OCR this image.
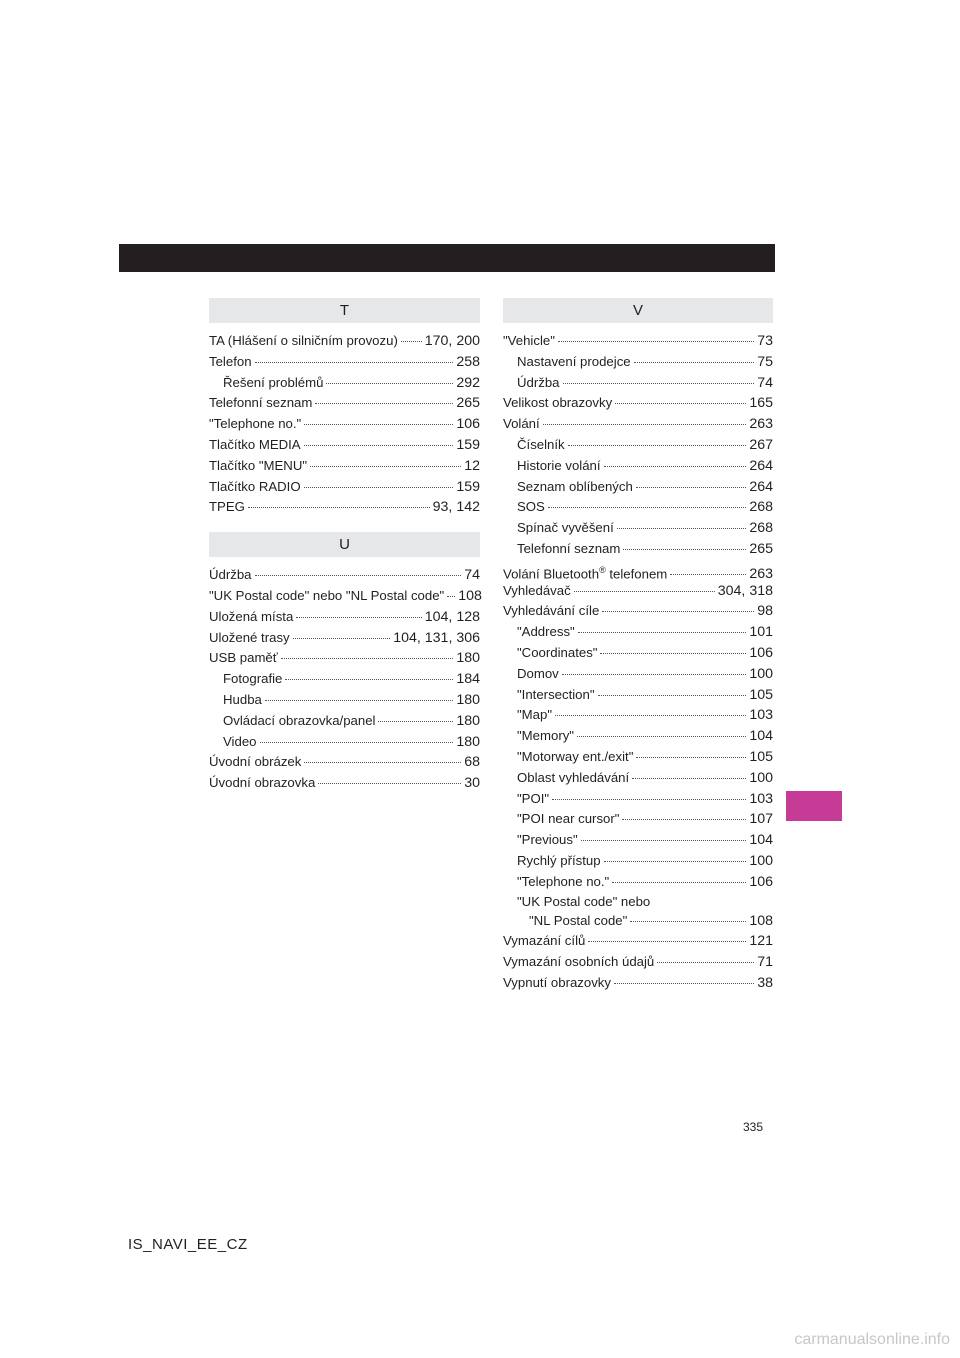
T
TA (Hlášení o silničním provozu) 170, 200
Telefon	258
Řešení problémů	292
Telefonní seznam	265
"Telephone no."	106
Tlačítko MEDIA	159
Tlačítko "MENU"	12
Tlačítko RADIO	159
TPEG	93, 142
U
Údržba	74
"UK Postal code" nebo "NL Postal code" 108
Uložená místa	104, 128
Uložené trasy	104, 131, 306
USB paměť	180
Fotografie	184
Hudba	180
Ovládací obrazovka/panel	180
Video	180
Úvodní obrázek	68
Úvodní obrazovka	30
V
"Vehicle"	73
Nastavení prodejce	75
Údržba	74
Velikost obrazovky	165
Volání	263
Číselník	267
Historie volání	264
Seznam oblíbených	264
SOS	268
Spínač vyvěšení	268
Telefonní seznam	265
Volání Bluetooth® telefonem	263
Vyhledávač	304, 318
Vyhledávání cíle	98
"Address"	101
"Coordinates"	106
Domov	100
"Intersection"	105
"Map"	103
"Memory"	104
"Motorway ent./exit"	105
Oblast vyhledávání	100
"POI"	103
"POI near cursor"	107
"Previous"	104
Rychlý přístup	100
"Telephone no."	106
"UK Postal code" nebo
"NL Postal code"	108
Vymazání cílů	121
Vymazání osobních údajů	71
Vypnutí obrazovky	38
335
IS_NAVI_EE_CZ
carmanualsonline.info
